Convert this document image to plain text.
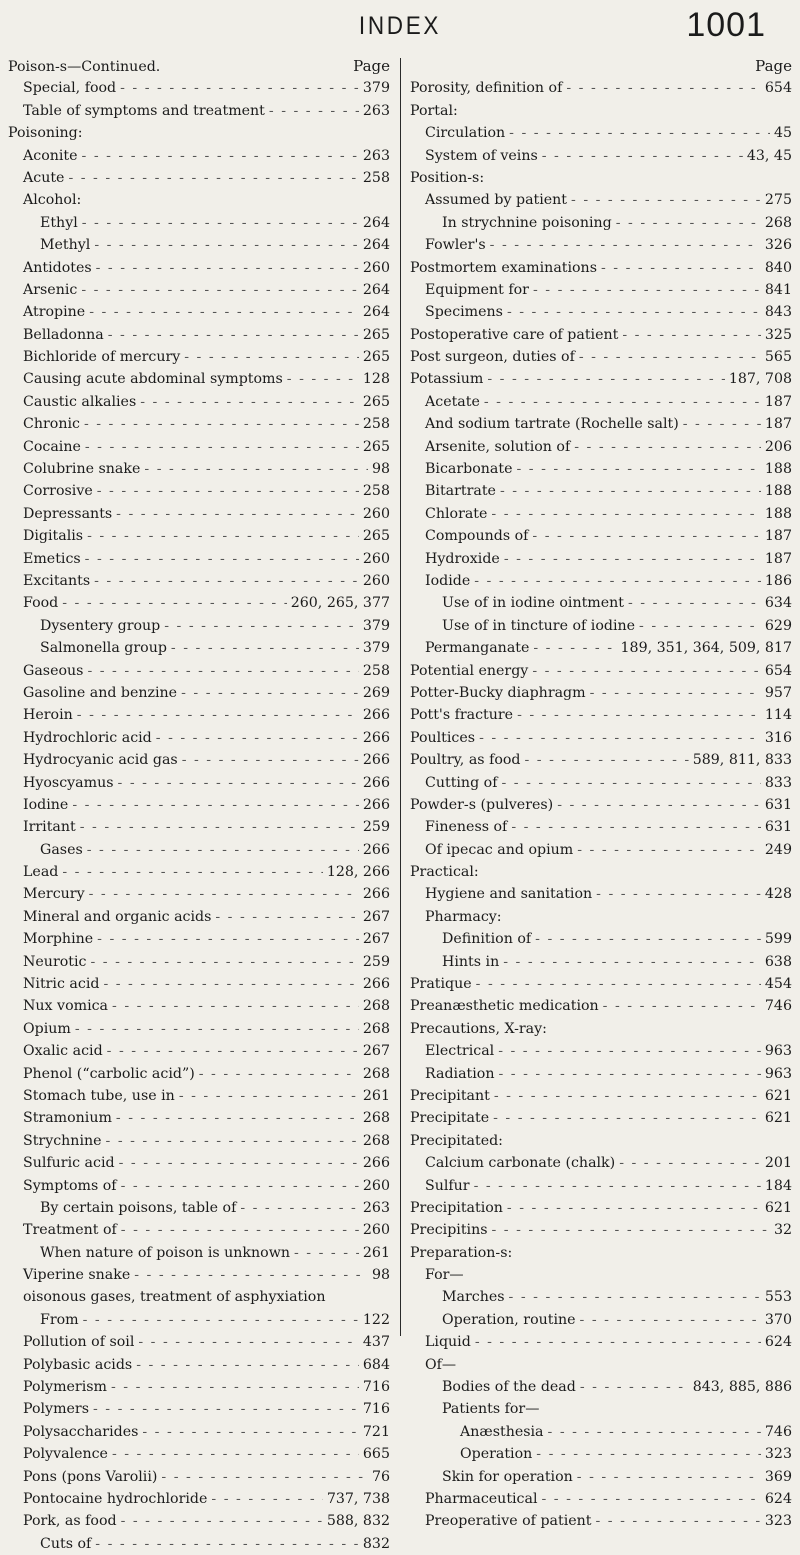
INDEX	1001
Poison-s—Continued.	Page
Special, food - - -	379
Table of symptoms and treatment - - -	263
Poisoning:
Aconite - - -	263
Acute - - -	258
Alcohol:
Ethyl - - -	264
Methyl - - -	264
Antidotes - - -	260
Arsenic - - -	264
Atropine - - -	264
Belladonna - - -	265
Bichloride of mercury - - -	265
Causing acute abdominal symptoms - - -	128
Caustic alkalies - - -	265
Chronic - - -	258
Cocaine - - -	265
Colubrine snake - - -	98
Corrosive - - -	258
Depressants - - -	260
Digitalis - - -	265
Emetics - - -	260
Excitants - - -	260
Food - - -	260, 265, 377
Dysentery group - - -	379
Salmonella group - - -	379
Gaseous - - -	258
Gasoline and benzine - - -	269
Heroin - - -	266
Hydrochloric acid - - -	266
Hydrocyanic acid gas - - -	266
Hyoscyamus - - -	266
Iodine - - -	266
Irritant - - -	259
Gases - - -	266
Lead - - -	128, 266
Mercury - - -	266
Mineral and organic acids - - -	267
Morphine - - -	267
Neurotic - - -	259
Nitric acid - - -	266
Nux vomica - - -	268
Opium - - -	268
Oxalic acid - - -	267
Phenol (“carbolic acid”) - - -	268
Stomach tube, use in - - -	261
Stramonium - - -	268
Strychnine - - -	268
Sulfuric acid - - -	266
Symptoms of - - -	260
By certain poisons, table of - - -	263
Treatment of - - -	260
When nature of poison is unknown - - -	261
Viperine snake - - -	98
oisonous gases, treatment of asphyxiation
From - - -	122
Pollution of soil - - -	437
Polybasic acids - - -	684
Polymerism - - -	716
Polymers - - -	716
Polysaccharides - - -	721
Polyvalence - - -	665
Pons (pons Varolii) - - -	76
Pontocaine hydrochloride - - -	737, 738
Pork, as food - - -	588, 832
Cuts of - - -	832
Page
Porosity, definition of - - -	654
Portal:
Circulation - - -	45
System of veins - - -	43, 45
Position-s:
Assumed by patient - - -	275
In strychnine poisoning - - -	268
Fowler's - - -	326
Postmortem examinations - - -	840
Equipment for - - -	841
Specimens - - -	843
Postoperative care of patient - - -	325
Post surgeon, duties of - - -	565
Potassium - - -	187, 708
Acetate - - -	187
And sodium tartrate (Rochelle salt) - - -	187
Arsenite, solution of - - -	206
Bicarbonate - - -	188
Bitartrate - - -	188
Chlorate - - -	188
Compounds of - - -	187
Hydroxide - - -	187
Iodide - - -	186
Use of in iodine ointment - - -	634
Use of in tincture of iodine - - -	629
Permanganate - - -	189, 351, 364, 509, 817
Potential energy - - -	654
Potter-Bucky diaphragm - - -	957
Pott's fracture - - -	114
Poultices - - -	316
Poultry, as food - - -	589, 811, 833
Cutting of - - -	833
Powder-s (pulveres) - - -	631
Fineness of - - -	631
Of ipecac and opium - - -	249
Practical:
Hygiene and sanitation - - -	428
Pharmacy:
Definition of - - -	599
Hints in - - -	638
Pratique - - -	454
Preanæsthetic medication - - -	746
Precautions, X-ray:
Electrical - - -	963
Radiation - - -	963
Precipitant - - -	621
Precipitate - - -	621
Precipitated:
Calcium carbonate (chalk) - - -	201
Sulfur - - -	184
Precipitation - - -	621
Precipitins - - -	32
Preparation-s:
For—
Marches - - -	553
Operation, routine - - -	370
Liquid - - -	624
Of—
Bodies of the dead - - -	843, 885, 886
Patients for—
Anæsthesia - - -	746
Operation - - -	323
Skin for operation - - -	369
Pharmaceutical - - -	624
Preoperative of patient - - -	323
